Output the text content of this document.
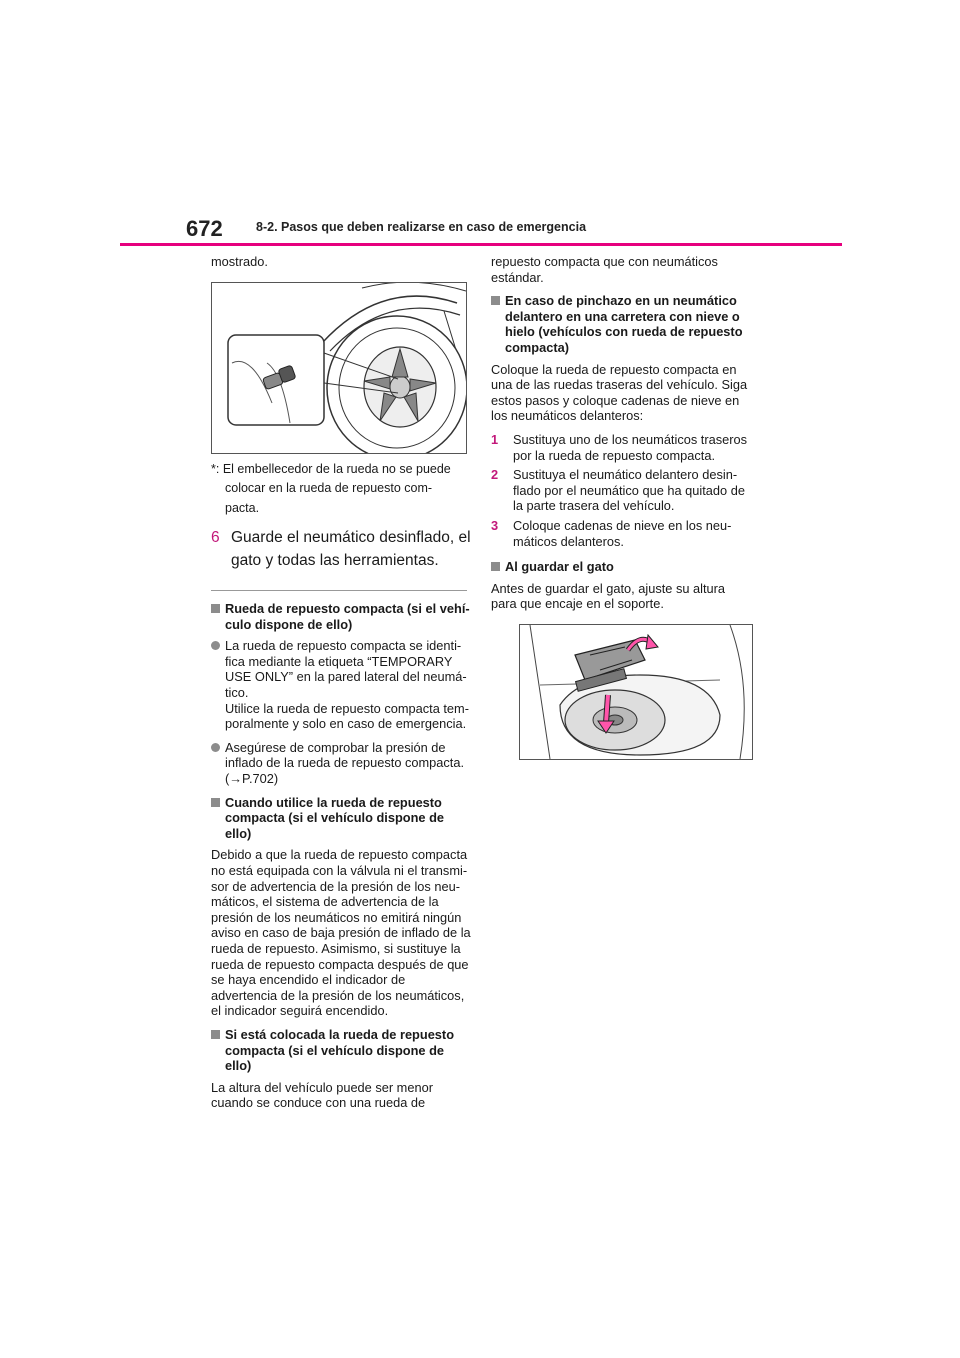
672	8-2. Pasos que deben realizarse en caso de emergencia

mostrado.

*: El embellecedor de la rueda no se puede
colocar en la rueda de repuesto com-
pacta.
6 Guarde el neumático desinflado, el gato y todas las herramientas.
Rueda de repuesto compacta (si el vehí-culo dispone de ello)
La rueda de repuesto compacta se identi-fica mediante la etiqueta “TEMPORARY USE ONLY” en la pared lateral del neumá-tico.
Utilice la rueda de repuesto compacta tem-poralmente y solo en caso de emergencia.
Asegúrese de comprobar la presión de inflado de la rueda de repuesto compacta. (→P.702)
Cuando utilice la rueda de repuesto compacta (si el vehículo dispone de ello)

Debido a que la rueda de repuesto compacta no está equipada con la válvula ni el transmi-sor de advertencia de la presión de los neu-máticos, el sistema de advertencia de la presión de los neumáticos no emitirá ningún aviso en caso de baja presión de inflado de la rueda de repuesto. Asimismo, si sustituye la rueda de repuesto compacta después de que se haya encendido el indicador de advertencia de la presión de los neumáticos, el indicador seguirá encendido.

Si está colocada la rueda de repuesto compacta (si el vehículo dispone de ello)

La altura del vehículo puede ser menor cuando se conduce con una rueda de

repuesto compacta que con neumáticos estándar.

En caso de pinchazo en un neumático delantero en una carretera con nieve o hielo (vehículos con rueda de repuesto compacta)

Coloque la rueda de repuesto compacta en una de las ruedas traseras del vehículo. Siga estos pasos y coloque cadenas de nieve en los neumáticos delanteros:

1 Sustituya uno de los neumáticos traseros por la rueda de repuesto compacta.
2 Sustituya el neumático delantero desin-flado por el neumático que ha quitado de la parte trasera del vehículo.
3 Coloque cadenas de nieve en los neu-máticos delanteros.
Al guardar el gato

Antes de guardar el gato, ajuste su altura para que encaje en el soporte.
